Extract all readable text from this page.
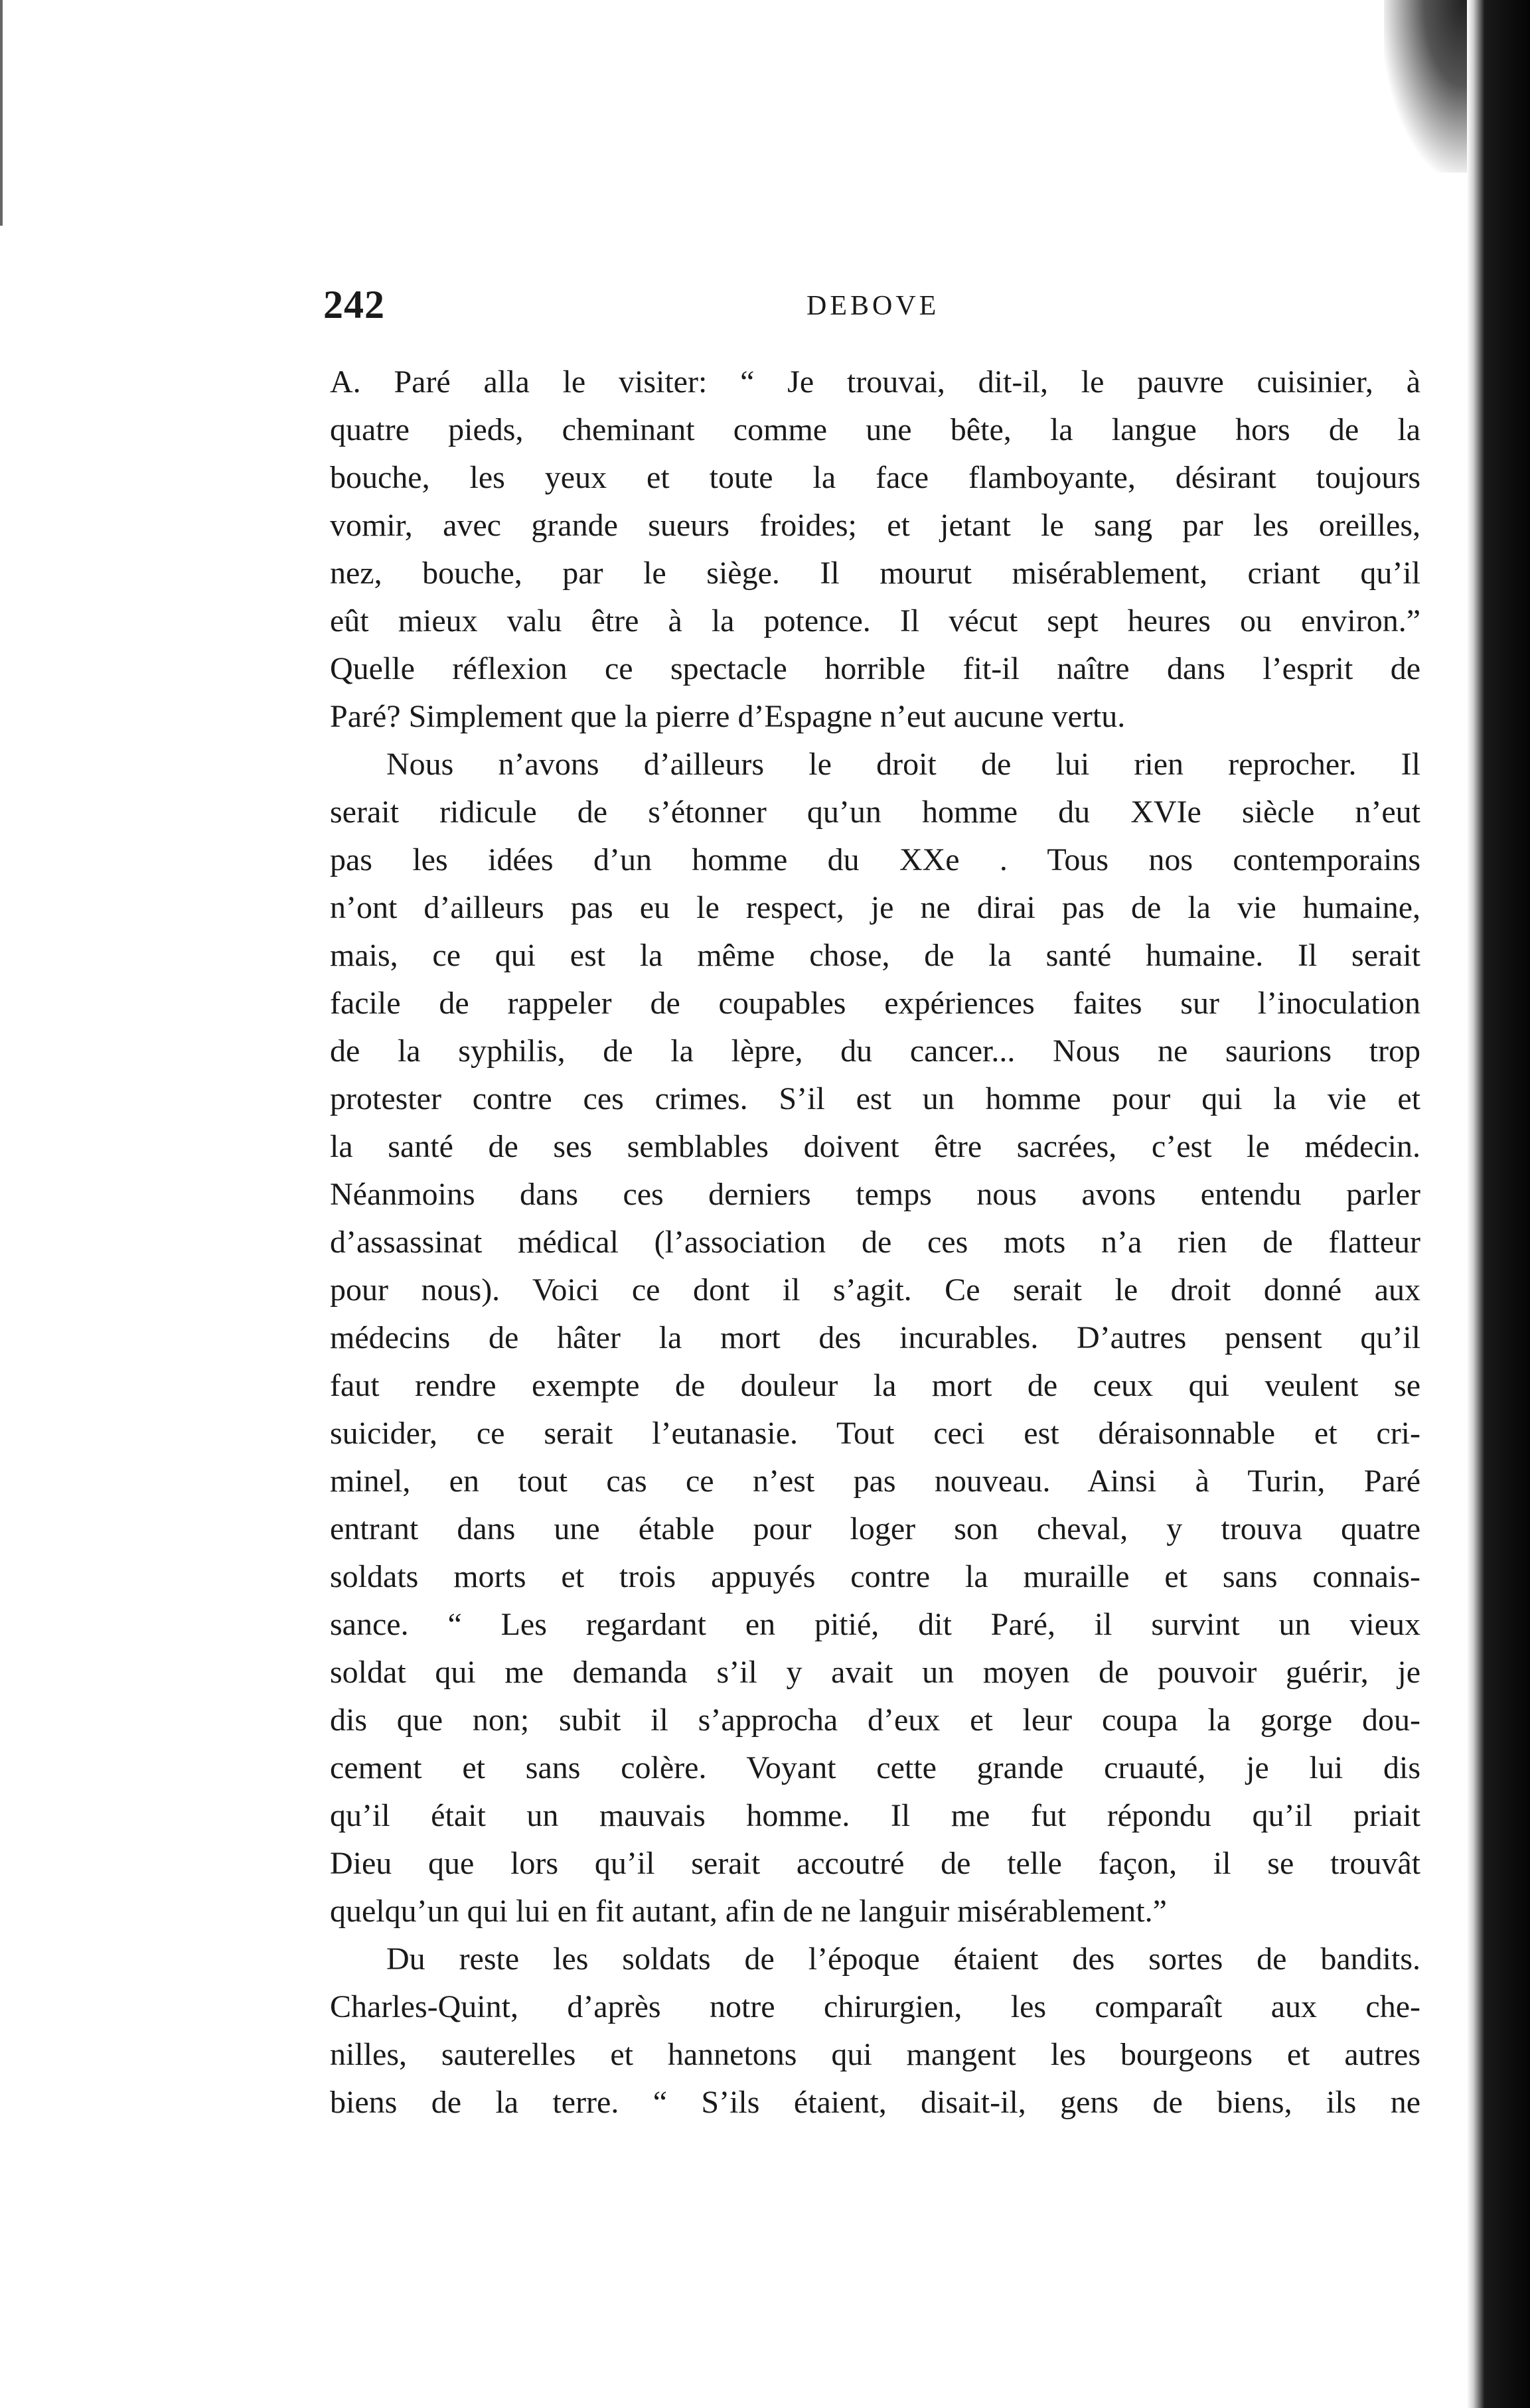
242	DEBOVE
A. Paré alla le visiter: “ Je trouvai, dit-il, le pauvre cuisinier, à
quatre pieds, cheminant comme une bête, la langue hors de la
bouche, les yeux et toute la face flamboyante, désirant toujours
vomir, avec grande sueurs froides; et jetant le sang par les oreilles,
nez, bouche, par le siège. Il mourut misérablement, criant qu’il
eût mieux valu être à la potence. Il vécut sept heures ou environ.”
Quelle réflexion ce spectacle horrible fit-il naître dans l’esprit de
Paré? Simplement que la pierre d’Espagne n’eut aucune vertu.
Nous n’avons d’ailleurs le droit de lui rien reprocher. Il
serait ridicule de s’étonner qu’un homme du XVIe siècle n’eut
pas les idées d’un homme du XXe . Tous nos contemporains
n’ont d’ailleurs pas eu le respect, je ne dirai pas de la vie humaine,
mais, ce qui est la même chose, de la santé humaine. Il serait
facile de rappeler de coupables expériences faites sur l’inoculation
de la syphilis, de la lèpre, du cancer... Nous ne saurions trop
protester contre ces crimes. S’il est un homme pour qui la vie et
la santé de ses semblables doivent être sacrées, c’est le médecin.
Néanmoins dans ces derniers temps nous avons entendu parler
d’assassinat médical (l’association de ces mots n’a rien de flatteur
pour nous). Voici ce dont il s’agit. Ce serait le droit donné aux
médecins de hâter la mort des incurables. D’autres pensent qu’il
faut rendre exempte de douleur la mort de ceux qui veulent se
suicider, ce serait l’eutanasie. Tout ceci est déraisonnable et cri-
minel, en tout cas ce n’est pas nouveau. Ainsi à Turin, Paré
entrant dans une étable pour loger son cheval, y trouva quatre
soldats morts et trois appuyés contre la muraille et sans connais-
sance. “ Les regardant en pitié, dit Paré, il survint un vieux
soldat qui me demanda s’il y avait un moyen de pouvoir guérir, je
dis que non; subit il s’approcha d’eux et leur coupa la gorge dou-
cement et sans colère. Voyant cette grande cruauté, je lui dis
qu’il était un mauvais homme. Il me fut répondu qu’il priait
Dieu que lors qu’il serait accoutré de telle façon, il se trouvât
quelqu’un qui lui en fit autant, afin de ne languir misérablement.”
Du reste les soldats de l’époque étaient des sortes de bandits.
Charles-Quint, d’après notre chirurgien, les comparaît aux che-
nilles, sauterelles et hannetons qui mangent les bourgeons et autres
biens de la terre. “ S’ils étaient, disait-il, gens de biens, ils ne
